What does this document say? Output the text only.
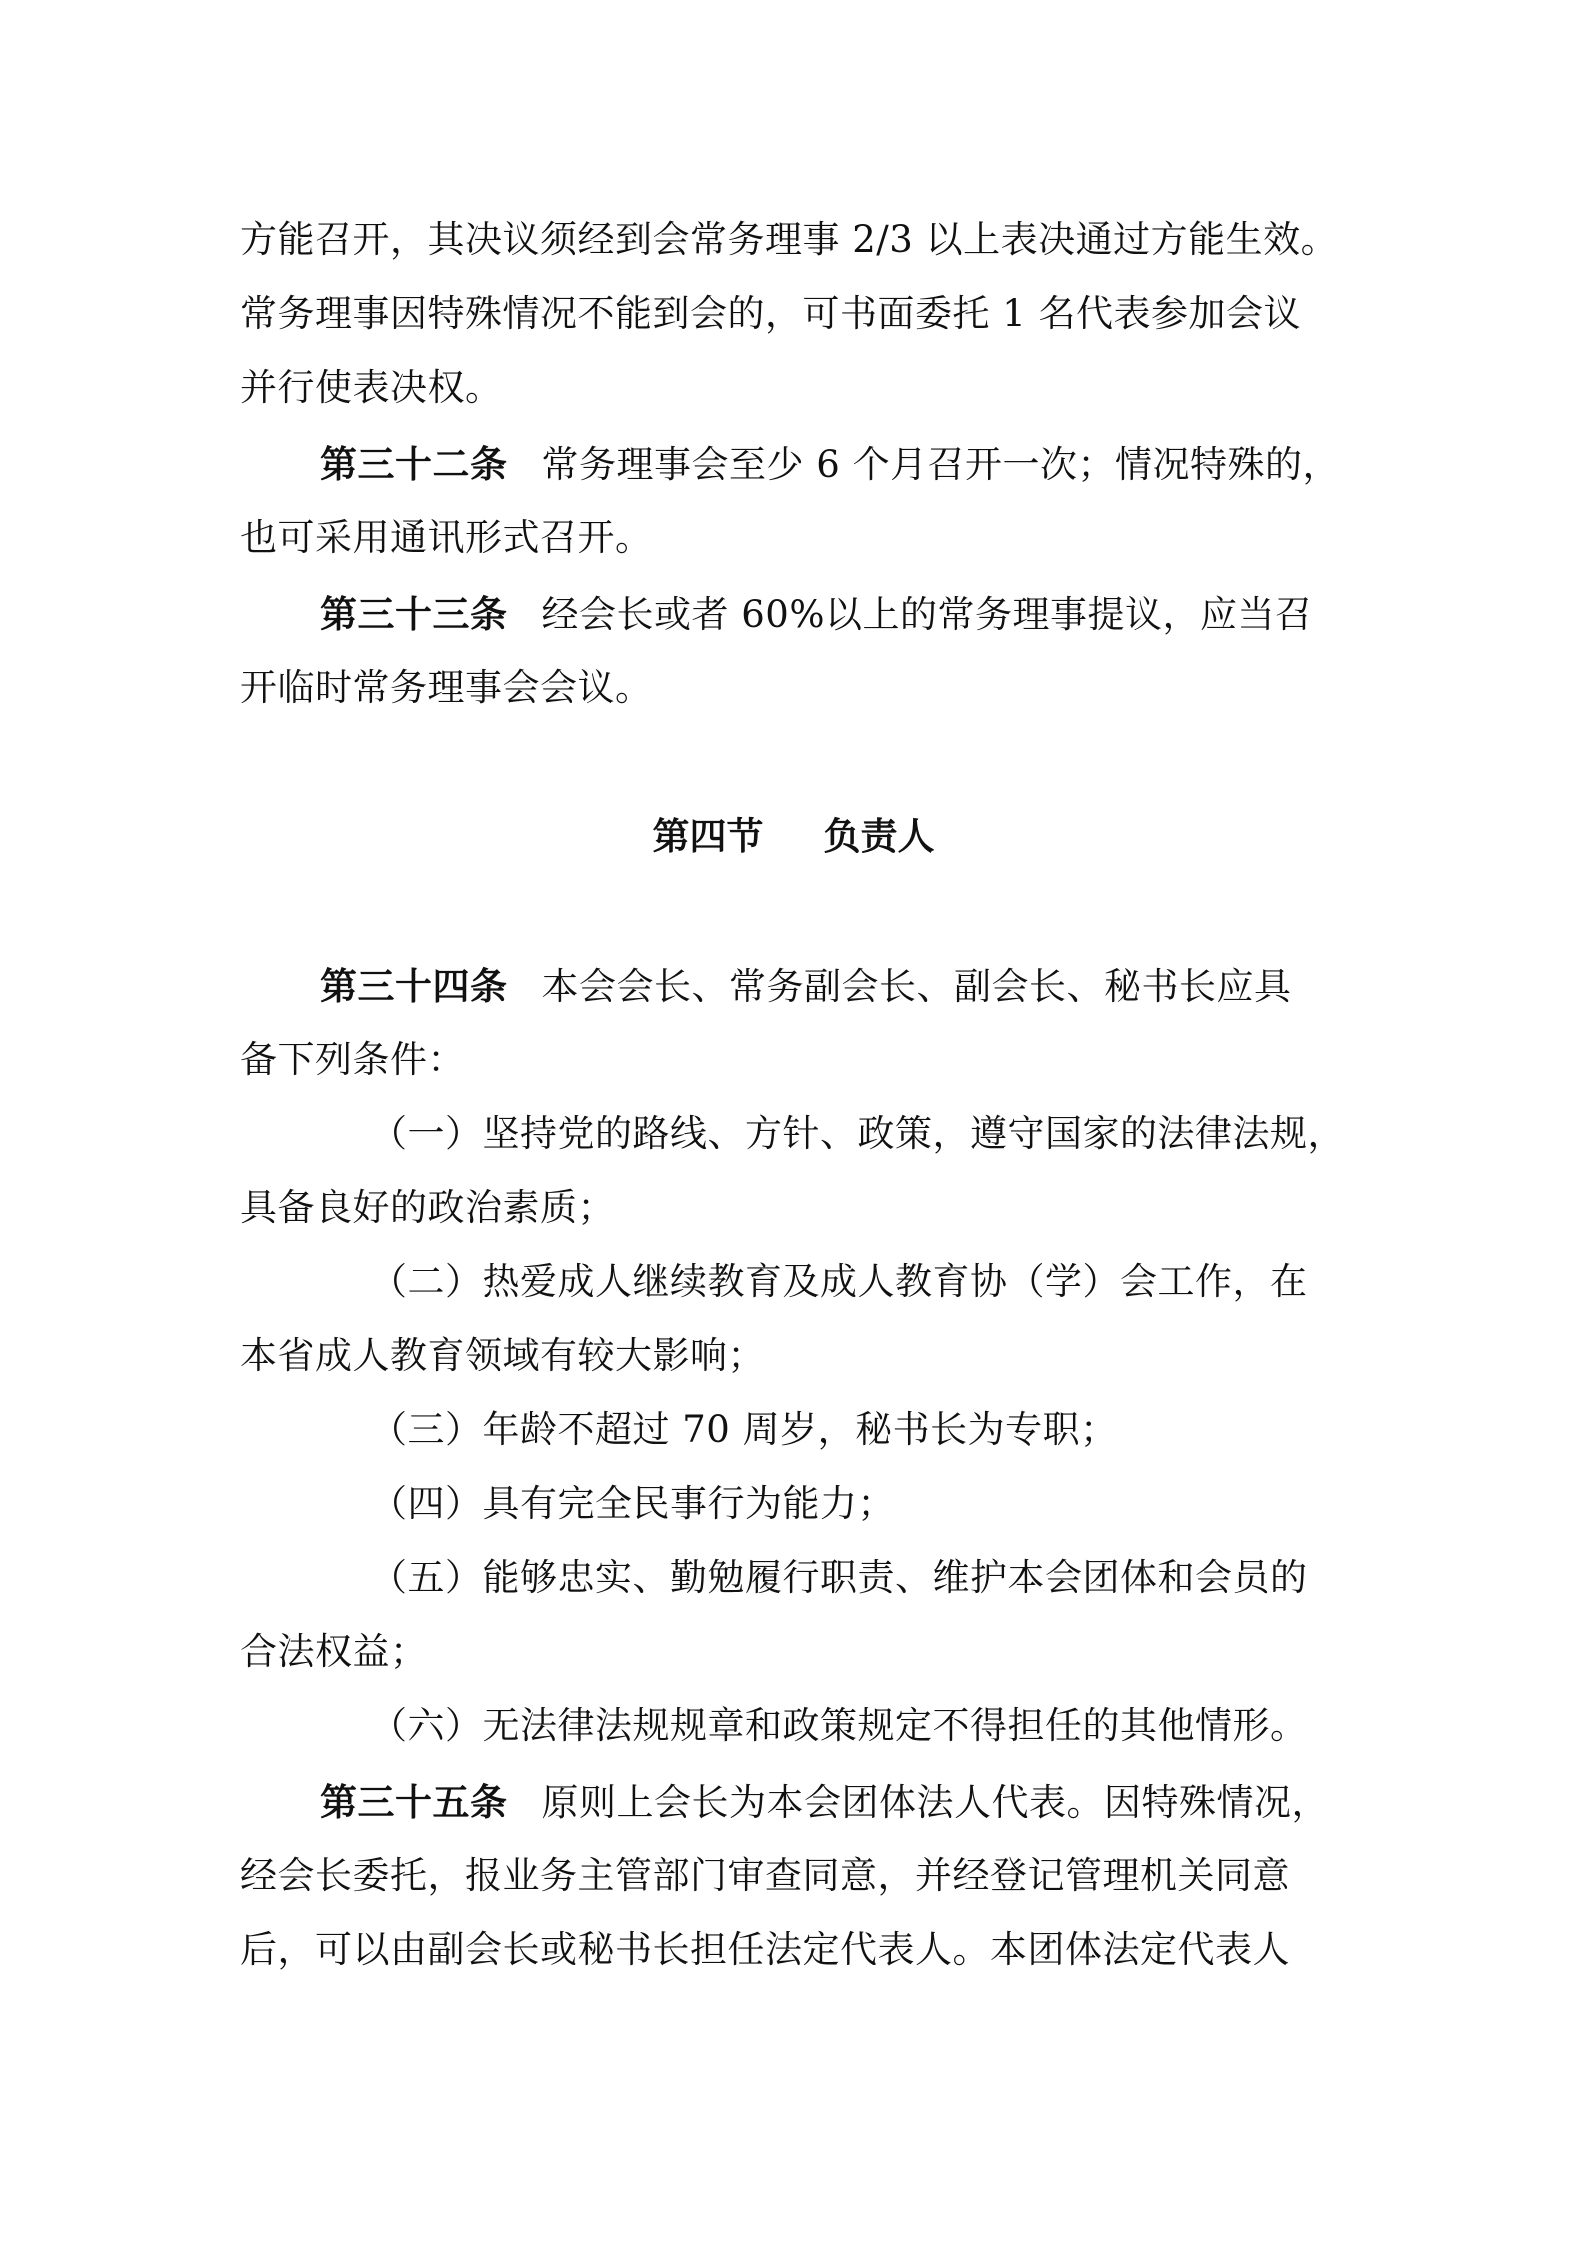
方能召开，其决议须经到会常务理事 2/3 以上表决通过方能生效。
常务理事因特殊情况不能到会的，可书面委托 1 名代表参加会议
并行使表决权。
第三十二条 常务理事会至少 6 个月召开一次；情况特殊的，
也可采用通讯形式召开。
第三十三条 经会长或者 60%以上的常务理事提议，应当召
开临时常务理事会会议。
第四节 负责人
第三十四条 本会会长、常务副会长、副会长、秘书长应具
备下列条件：
（一）坚持党的路线、方针、政策，遵守国家的法律法规，
具备良好的政治素质；
（二）热爱成人继续教育及成人教育协（学）会工作，在
本省成人教育领域有较大影响；
（三）年龄不超过 70 周岁，秘书长为专职；
（四）具有完全民事行为能力；
（五）能够忠实、勤勉履行职责、维护本会团体和会员的
合法权益；
（六）无法律法规规章和政策规定不得担任的其他情形。
第三十五条 原则上会长为本会团体法人代表。因特殊情况，
经会长委托，报业务主管部门审查同意，并经登记管理机关同意
后，可以由副会长或秘书长担任法定代表人。本团体法定代表人
